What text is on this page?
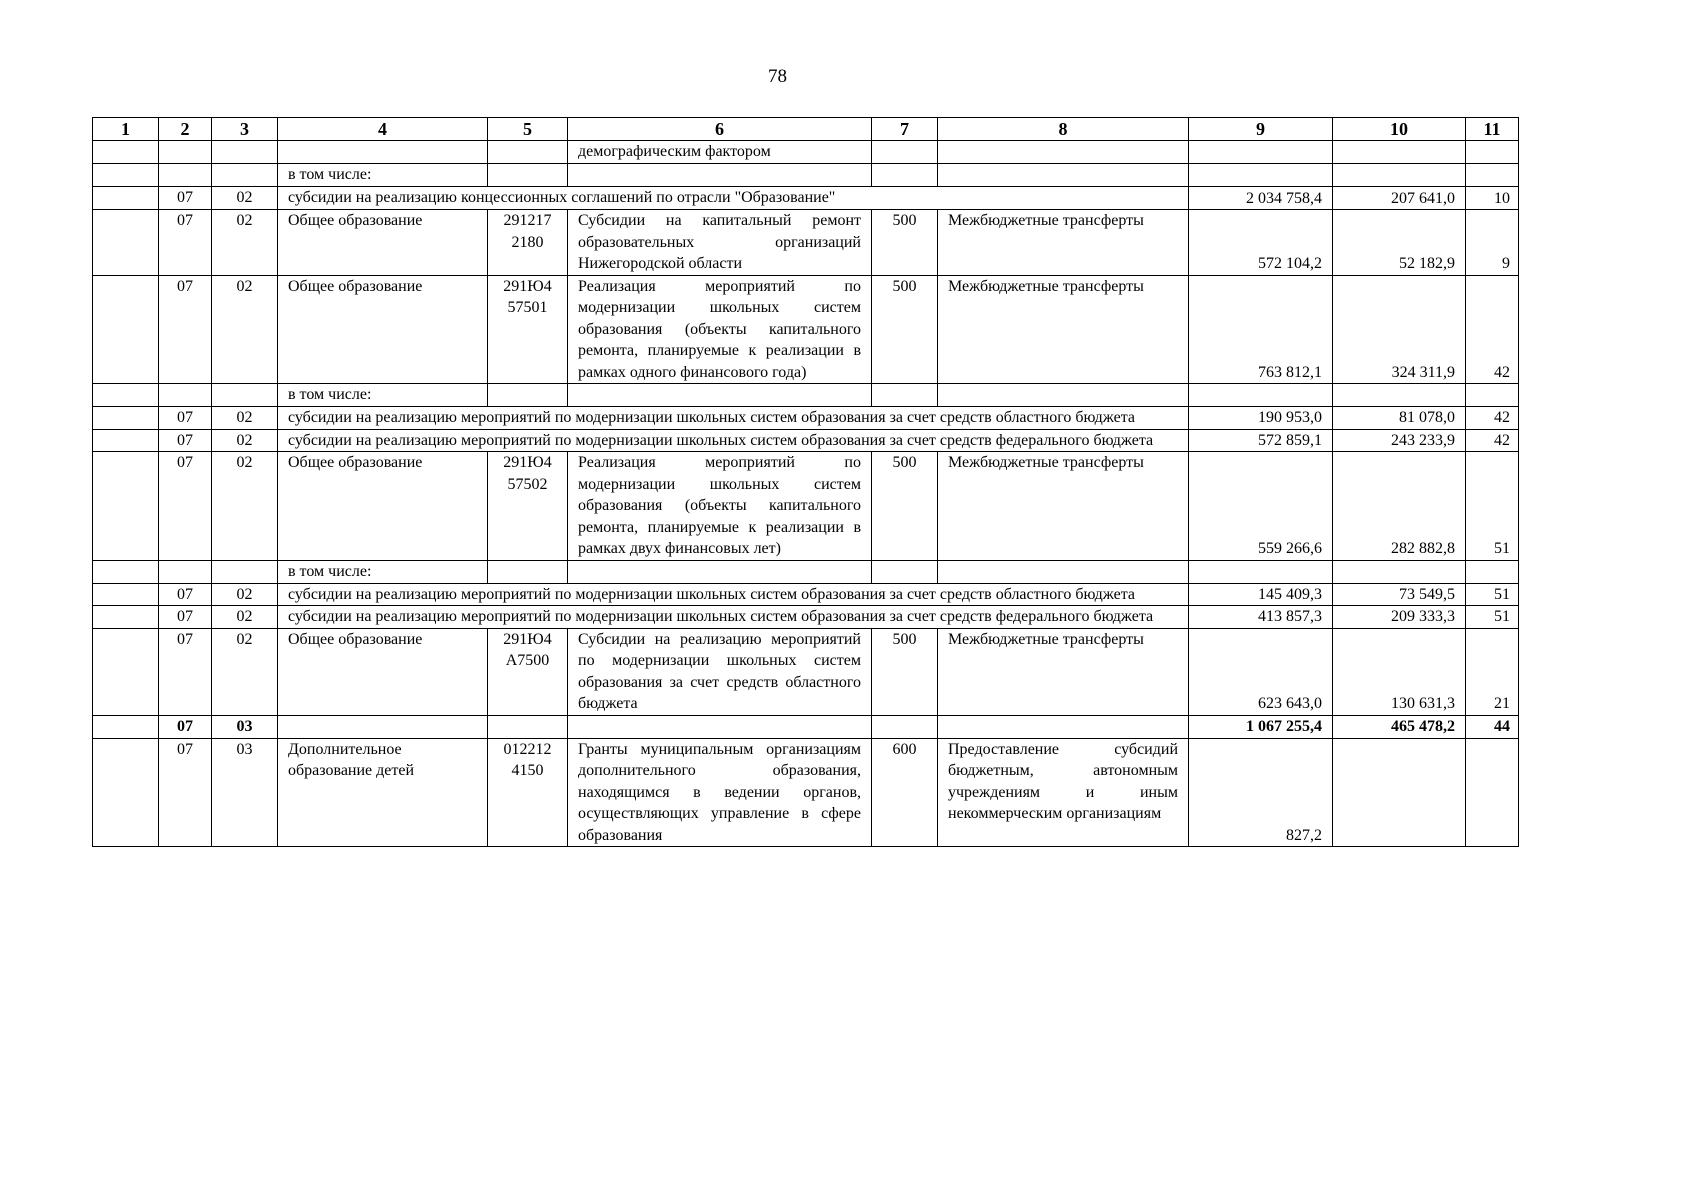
78
1	2	3	4	5	6	7	8	9	10	11
					демографическим фактором					
			в том числе:							
	07	02	субсидии на реализацию концессионных соглашений по отрасли "Образование"					2 034 758,4	207 641,0	10
	07	02	Общее образование	291217 2180	Субсидии на капитальный ремонт образовательных организаций Нижегородской области	500	Межбюджетные трансферты	572 104,2	52 182,9	9
	07	02	Общее образование	291Ю4 57501	Реализация мероприятий по модернизации школьных систем образования (объекты капитального ремонта, планируемые к реализации в рамках одного финансового года)	500	Межбюджетные трансферты	763 812,1	324 311,9	42
			в том числе:							
	07	02	субсидии на реализацию мероприятий по модернизации школьных систем образования за счет средств областного бюджета					190 953,0	81 078,0	42
	07	02	субсидии на реализацию мероприятий по модернизации школьных систем образования за счет средств федерального бюджета					572 859,1	243 233,9	42
	07	02	Общее образование	291Ю4 57502	Реализация мероприятий по модернизации школьных систем образования (объекты капитального ремонта, планируемые к реализации в рамках двух финансовых лет)	500	Межбюджетные трансферты	559 266,6	282 882,8	51
			в том числе:							
	07	02	субсидии на реализацию мероприятий по модернизации школьных систем образования за счет средств областного бюджета					145 409,3	73 549,5	51
	07	02	субсидии на реализацию мероприятий по модернизации школьных систем образования за счет средств федерального бюджета					413 857,3	209 333,3	51
	07	02	Общее образование	291Ю4 А7500	Субсидии на реализацию мероприятий по модернизации школьных систем образования за счет средств областного бюджета	500	Межбюджетные трансферты	623 643,0	130 631,3	21
	07	03						1 067 255,4	465 478,2	44
	07	03	Дополнительное образование детей	012212 4150	Гранты муниципальным организациям дополнительного образования, находящимся в ведении органов, осуществляющих управление в сфере образования	600	Предоставление субсидий бюджетным, автономным учреждениям и иным некоммерческим организациям	827,2		
